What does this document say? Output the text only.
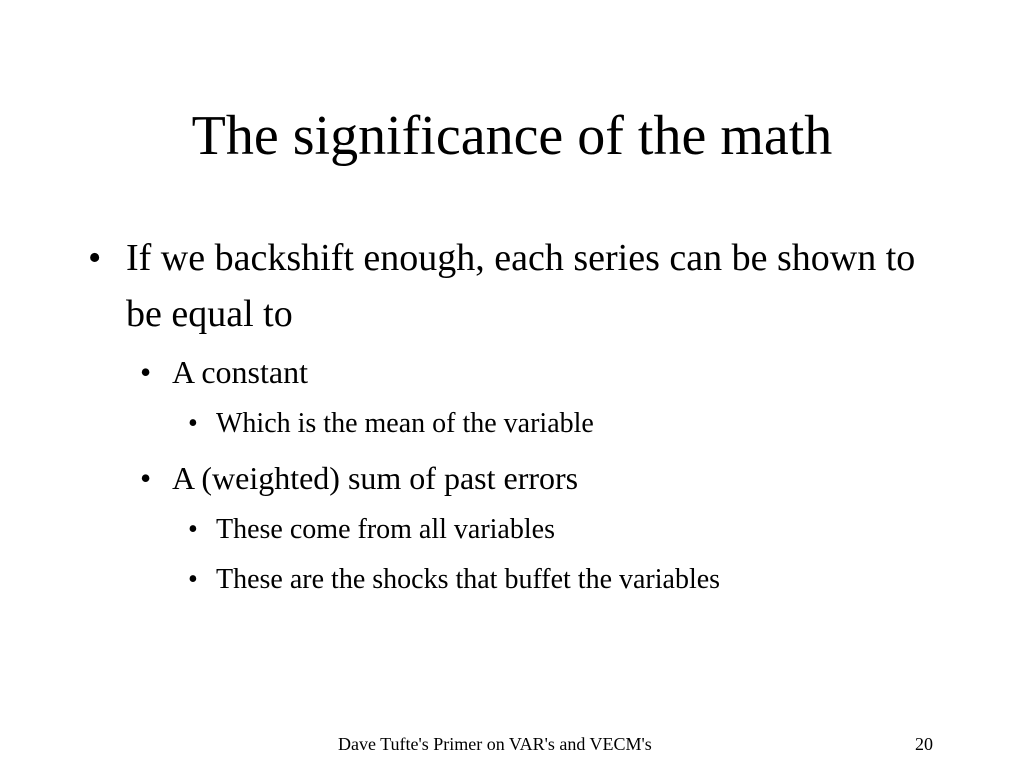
The significance of the math
• If we backshift enough, each series can be shown to be equal to
• A constant
• Which is the mean of the variable
• A (weighted) sum of past errors
• These come from all variables
• These are the shocks that buffet the variables
Dave Tufte's Primer on VAR's and VECM's	20
